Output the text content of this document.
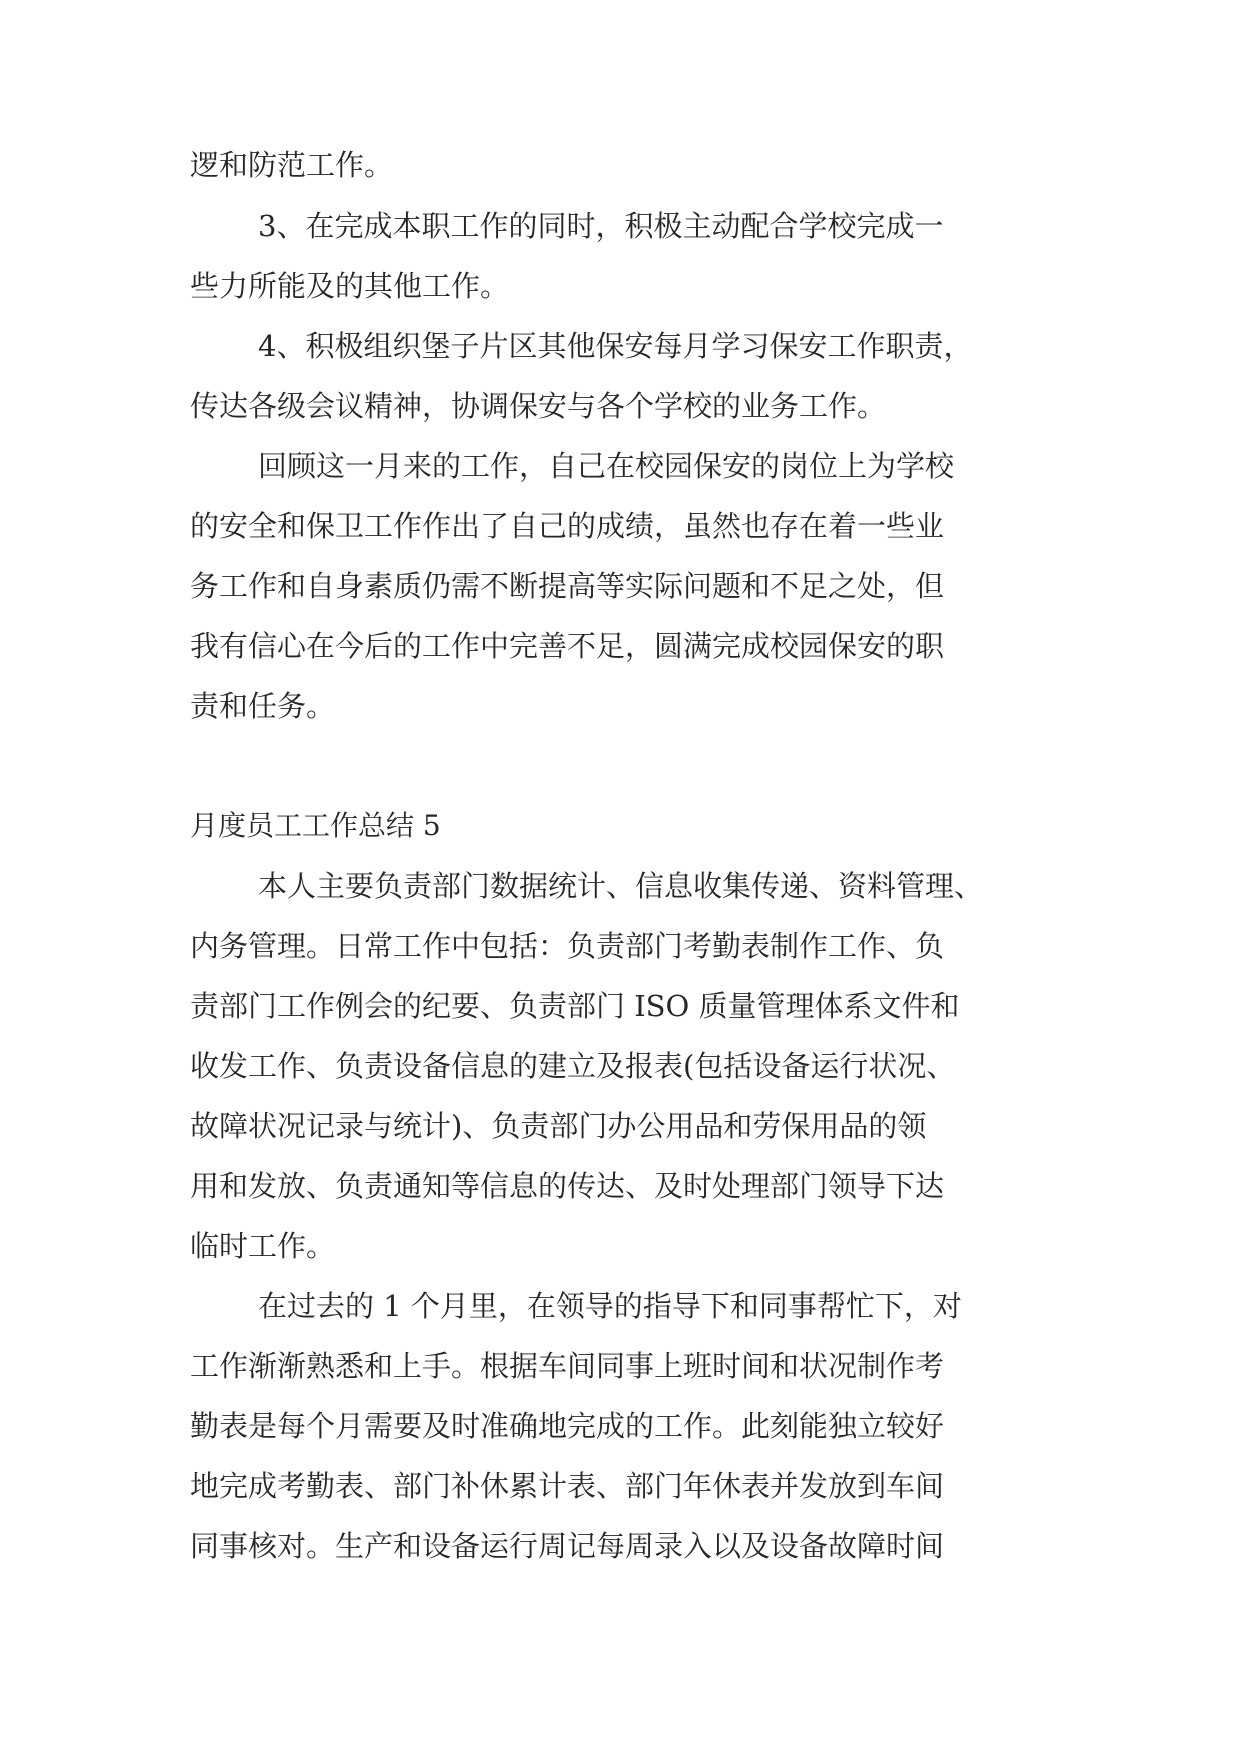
逻和防范工作。

3、在完成本职工作的同时，积极主动配合学校完成一

些力所能及的其他工作。

4、积极组织堡子片区其他保安每月学习保安工作职责，

传达各级会议精神，协调保安与各个学校的业务工作。

回顾这一月来的工作，自己在校园保安的岗位上为学校

的安全和保卫工作作出了自己的成绩，虽然也存在着一些业

务工作和自身素质仍需不断提高等实际问题和不足之处，但

我有信心在今后的工作中完善不足，圆满完成校园保安的职

责和任务。

月度员工工作总结 5

本人主要负责部门数据统计、信息收集传递、资料管理、

内务管理。日常工作中包括：负责部门考勤表制作工作、负

责部门工作例会的纪要、负责部门 ISO 质量管理体系文件和

收发工作、负责设备信息的建立及报表(包括设备运行状况、

故障状况记录与统计)、负责部门办公用品和劳保用品的领

用和发放、负责通知等信息的传达、及时处理部门领导下达

临时工作。

在过去的 1 个月里，在领导的指导下和同事帮忙下，对

工作渐渐熟悉和上手。根据车间同事上班时间和状况制作考

勤表是每个月需要及时准确地完成的工作。此刻能独立较好

地完成考勤表、部门补休累计表、部门年休表并发放到车间

同事核对。生产和设备运行周记每周录入以及设备故障时间
